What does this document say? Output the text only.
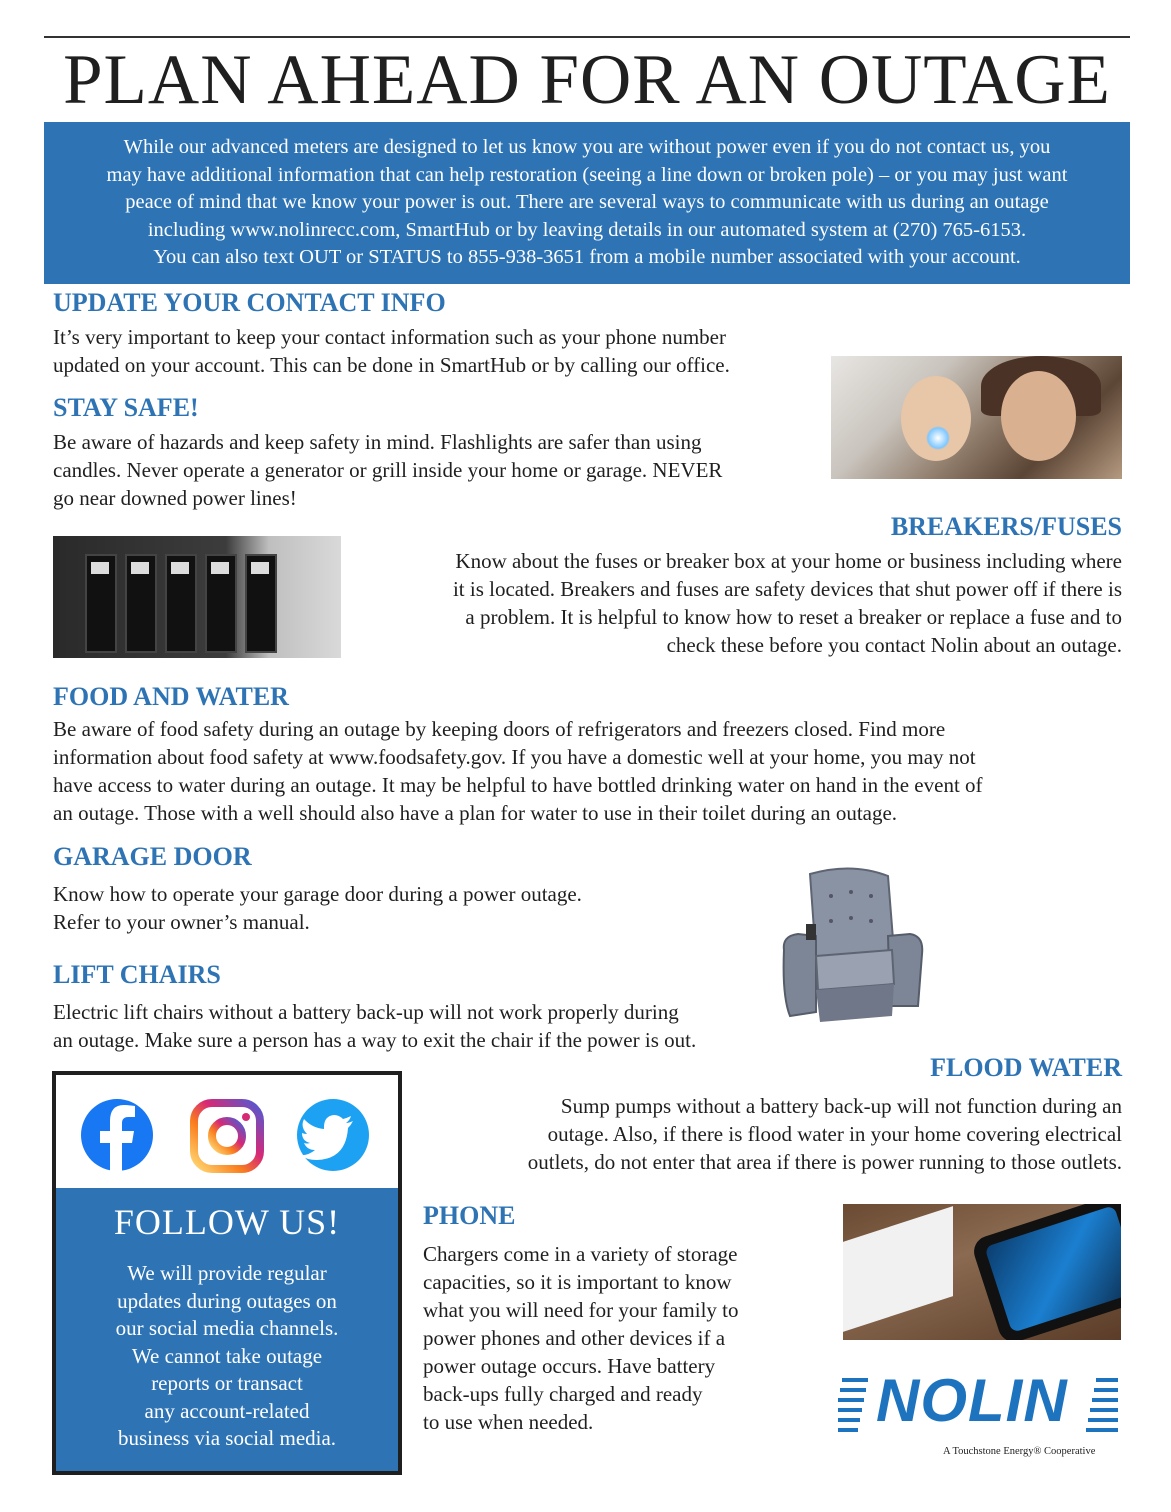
PLAN AHEAD FOR AN OUTAGE
While our advanced meters are designed to let us know you are without power even if you do not contact us, you
may have additional information that can help restoration (seeing a line down or broken pole) – or you may just want
peace of mind that we know your power is out. There are several ways to communicate with us during an outage
including www.nolinrecc.com, SmartHub or by leaving details in our automated system at (270) 765-6153.
You can also text OUT or STATUS to 855-938-3651 from a mobile number associated with your account.
UPDATE YOUR CONTACT INFO
It’s very important to keep your contact information such as your phone number
updated on your account. This can be done in SmartHub or by calling our office.
STAY SAFE!
Be aware of hazards and keep safety in mind. Flashlights are safer than using
candles. Never operate a generator or grill inside your home or garage. NEVER
go near downed power lines!
BREAKERS/FUSES
Know about the fuses or breaker box at your home or business including where
it is located. Breakers and fuses are safety devices that shut power off if there is
a problem. It is helpful to know how to reset a breaker or replace a fuse and to
check these before you contact Nolin about an outage.
FOOD AND WATER
Be aware of food safety during an outage by keeping doors of refrigerators and freezers closed. Find more
information about food safety at www.foodsafety.gov. If you have a domestic well at your home, you may not
have access to water during an outage. It may be helpful to have bottled drinking water on hand in the event of
an outage. Those with a well should also have a plan for water to use in their toilet during an outage.
GARAGE DOOR
Know how to operate your garage door during a power outage.
Refer to your owner’s manual.
LIFT CHAIRS
Electric lift chairs without a battery back-up will not work properly during
an outage. Make sure a person has a way to exit the chair if the power is out.
FLOOD WATER
Sump pumps without a battery back-up will not function during an
outage. Also, if there is flood water in your home covering electrical
outlets, do not enter that area if there is power running to those outlets.
FOLLOW US!
We will provide regular
updates during outages on
our social media channels.
We cannot take outage
reports or transact
any account-related
business via social media.
PHONE
Chargers come in a variety of storage
capacities, so it is important to know
what you will need for your family to
power phones and other devices if a
power outage occurs. Have battery
back-ups fully charged and ready
to use when needed.	NOLIN
A Touchstone Energy® Cooperative
